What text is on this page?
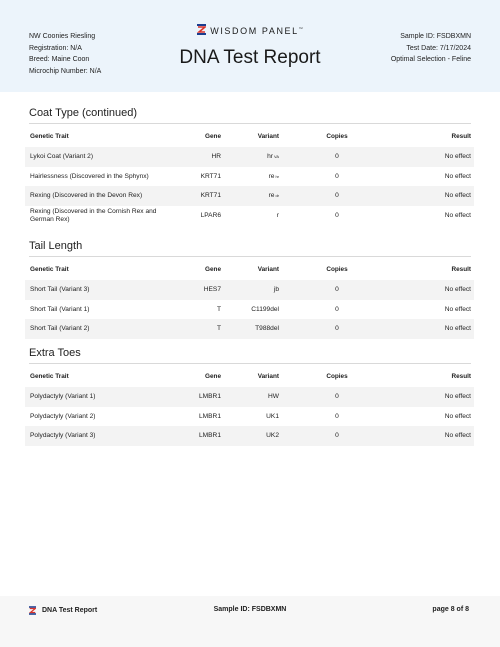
NW Coonies Riesling
Registration: N/A
Breed: Maine Coon
Microchip Number: N/A
WISDOM PANEL™
DNA Test Report
Sample ID: FSDBXMN
Test Date: 7/17/2024
Optimal Selection - Feline
Coat Type (continued)
Genetic Trait	Gene	Variant	Copies	Result
Lykoi Coat (Variant 2)	HR	hr VA	0	No effect
Hairlessness (Discovered in the Sphynx)	KRT71	re hr	0	No effect
Rexing (Discovered in the Devon Rex)	KRT71	re dr	0	No effect
Rexing (Discovered in the Cornish Rex and German Rex)
LPAR6	r	0	No effect
Tail Length
Genetic Trait	Gene	Variant	Copies	Result
Short Tail (Variant 3)	HES7	jb	0	No effect
Short Tail (Variant 1)	T	C1199del	0	No effect
Short Tail (Variant 2)	T	T988del	0	No effect
Extra Toes
Genetic Trait	Gene	Variant	Copies	Result
Polydactyly (Variant 1)	LMBR1	HW	0	No effect
Polydactyly (Variant 2)	LMBR1	UK1	0	No effect
Polydactyly (Variant 3)	LMBR1	UK2	0	No effect
DNA Test Report	Sample ID: FSDBXMN	page 8 of 8
